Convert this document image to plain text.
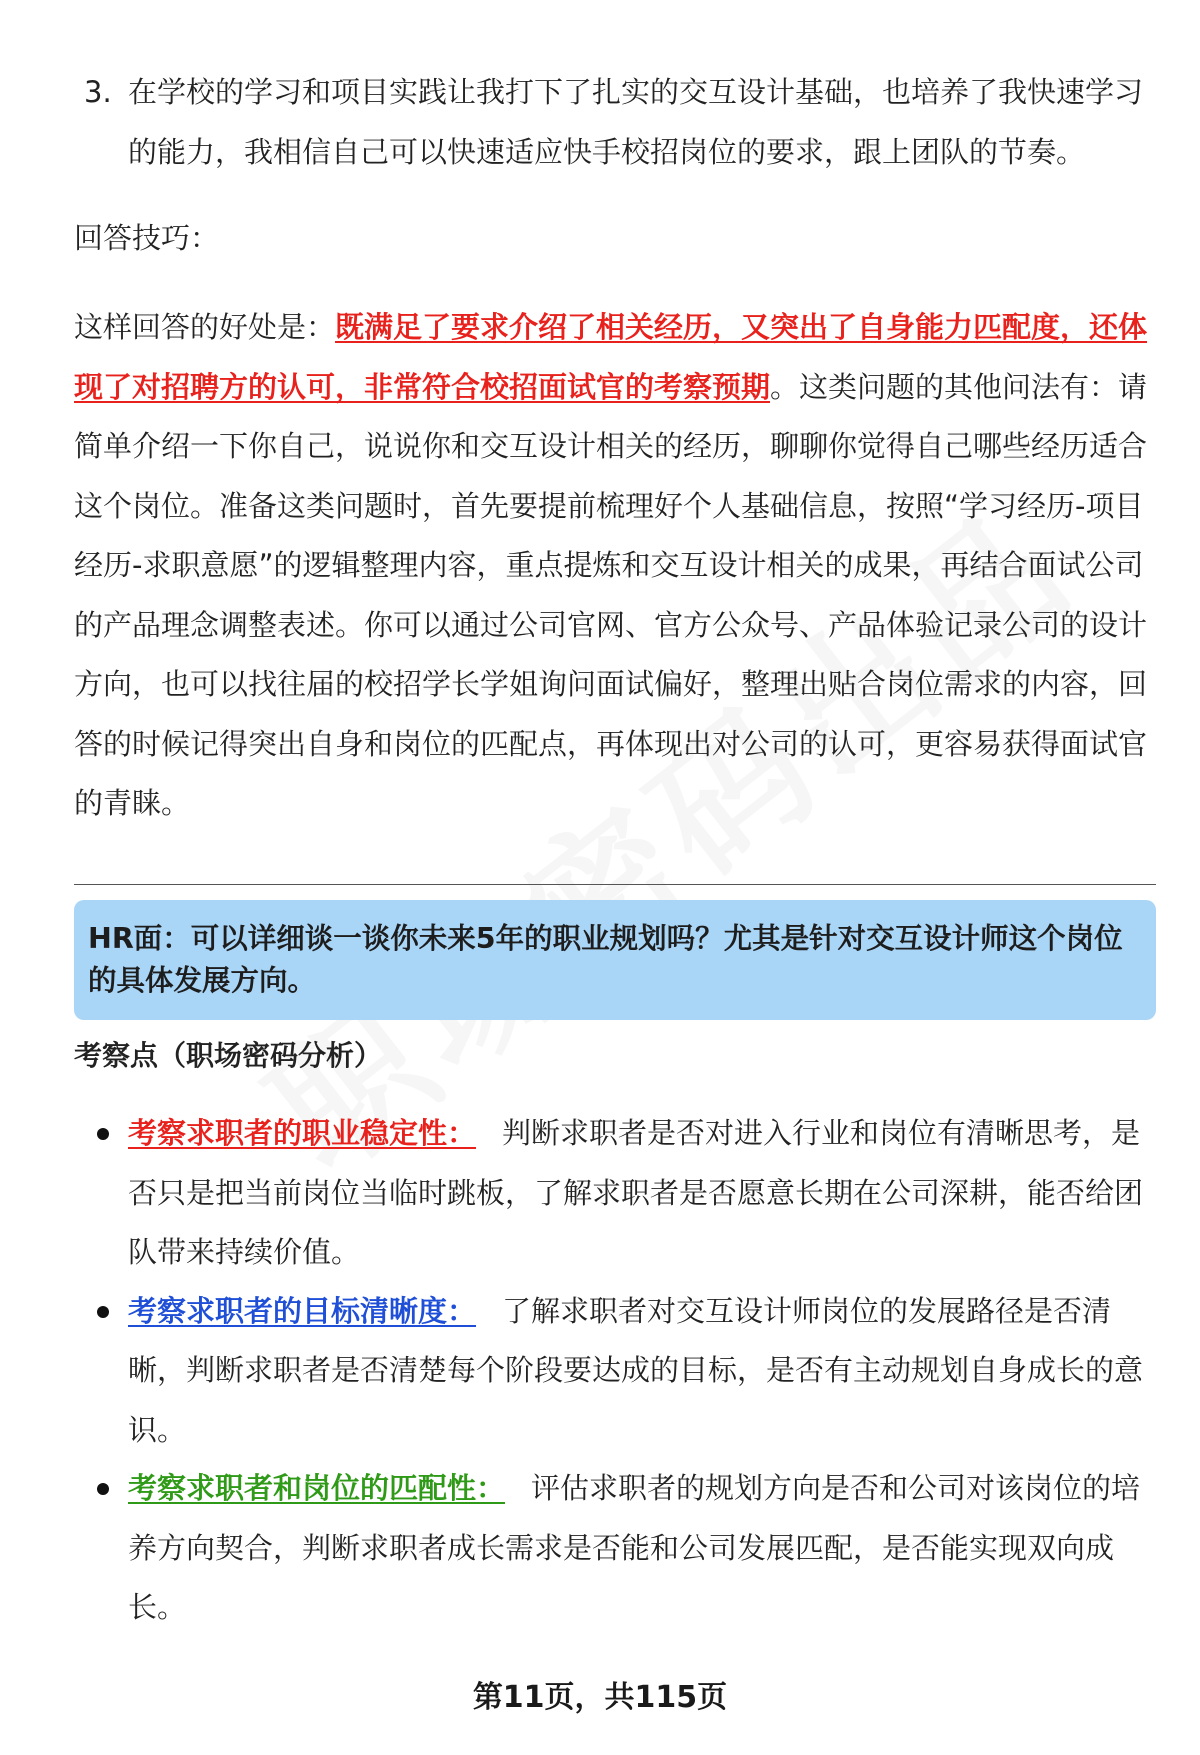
3. 在学校的学习和项目实践让我打下了扎实的交互设计基础，也培养了我快速学习的能力，我相信自己可以快速适应快手校招岗位的要求，跟上团队的节奏。
回答技巧：
这样回答的好处是：既满足了要求介绍了相关经历，又突出了自身能力匹配度，还体现了对招聘方的认可，非常符合校招面试官的考察预期。这类问题的其他问法有：请简单介绍一下你自己，说说你和交互设计相关的经历，聊聊你觉得自己哪些经历适合这个岗位。准备这类问题时，首先要提前梳理好个人基础信息，按照“学习经历-项目经历-求职意愿”的逻辑整理内容，重点提炼和交互设计相关的成果，再结合面试公司的产品理念调整表述。你可以通过公司官网、官方公众号、产品体验记录公司的设计方向，也可以找往届的校招学长学姐询问面试偏好，整理出贴合岗位需求的内容，回答的时候记得突出自身和岗位的匹配点，再体现出对公司的认可，更容易获得面试官的青睐。
HR面：可以详细谈一谈你未来5年的职业规划吗？尤其是针对交互设计师这个岗位的具体发展方向。
考察点（职场密码分析）
考察求职者的职业稳定性： 判断求职者是否对进入行业和岗位有清晰思考，是否只是把当前岗位当临时跳板，了解求职者是否愿意长期在公司深耕，能否给团队带来持续价值。
考察求职者的目标清晰度： 了解求职者对交互设计师岗位的发展路径是否清晰，判断求职者是否清楚每个阶段要达成的目标，是否有主动规划自身成长的意识。
考察求职者和岗位的匹配性： 评估求职者的规划方向是否和公司对该岗位的培养方向契合，判断求职者成长需求是否能和公司发展匹配，是否能实现双向成长。
第11页，共115页
